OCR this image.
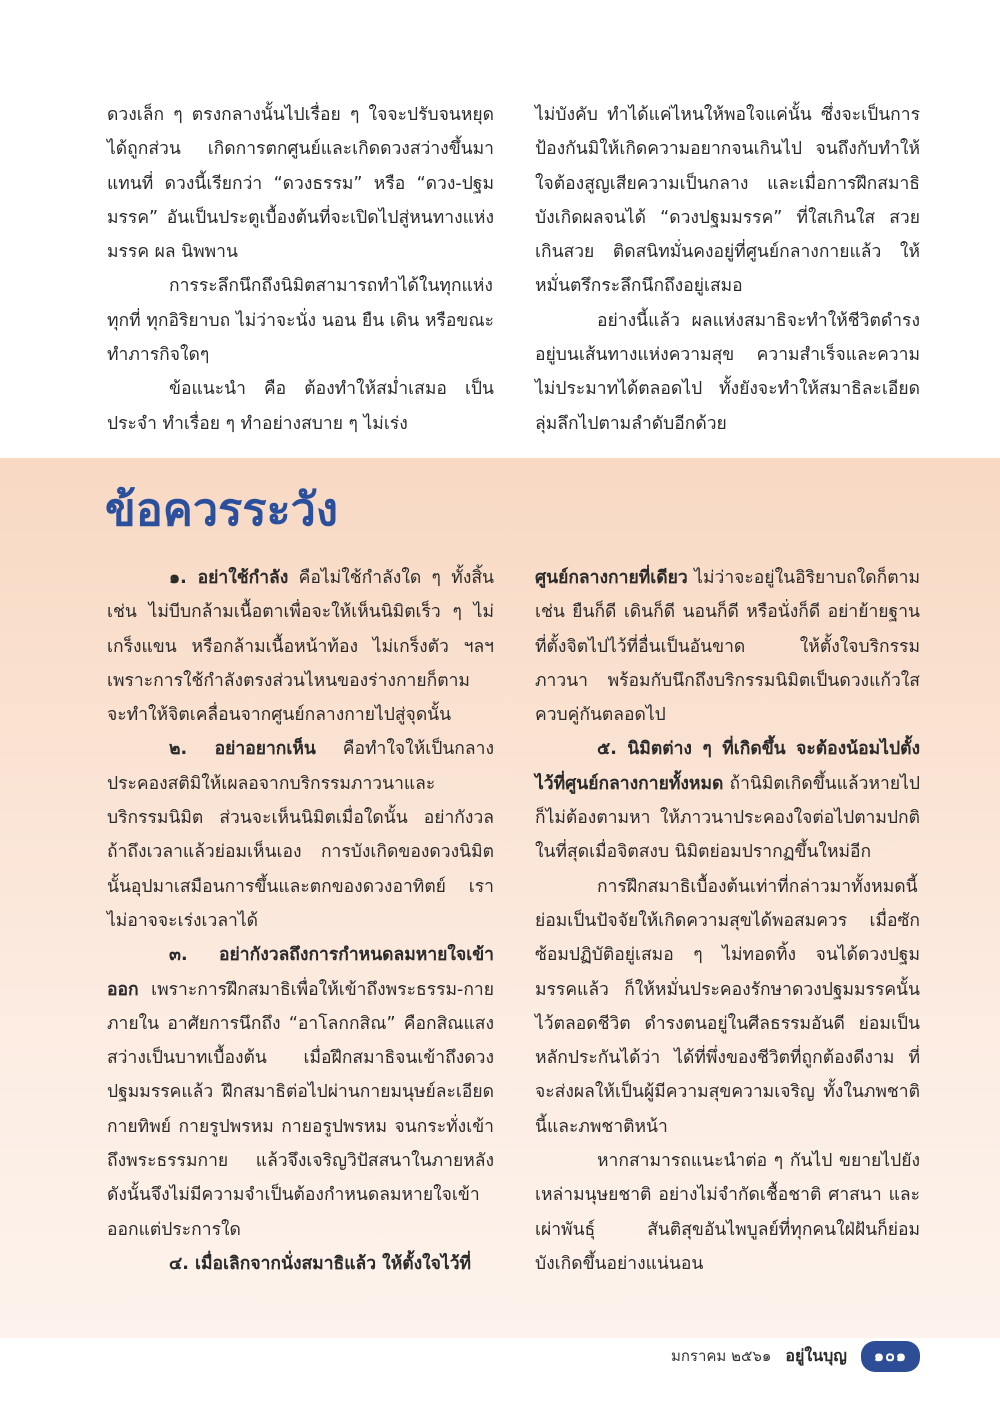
ดวงเล็ก ๆ ตรงกลางนั้นไปเรื่อย ๆ ใจจะปรับจนหยุดได้ถูกส่วน เกิดการตกศูนย์และเกิดดวงสว่างขึ้นมาแทนที่ ดวงนี้เรียกว่า “ดวงธรรม” หรือ “ดวง-ปฐมมรรค” อันเป็นประตูเบื้องต้นที่จะเปิดไปสู่หนทางแห่งมรรค ผล นิพพาน

การระลึกนึกถึงนิมิตสามารถทำได้ในทุกแห่ง ทุกที่ ทุกอิริยาบถ ไม่ว่าจะนั่ง นอน ยืน เดิน หรือขณะทำภารกิจใดๆ

ข้อแนะนำ คือ ต้องทำให้สม่ำเสมอ เป็นประจำ ทำเรื่อย ๆ ทำอย่างสบาย ๆ ไม่เร่ง

ไม่บังคับ ทำได้แค่ไหนให้พอใจแค่นั้น ซึ่งจะเป็นการป้องกันมิให้เกิดความอยากจนเกินไป จนถึงกับทำให้ใจต้องสูญเสียความเป็นกลาง และเมื่อการฝึกสมาธิบังเกิดผลจนได้ “ดวงปฐมมรรค” ที่ใสเกินใส สวยเกินสวย ติดสนิทมั่นคงอยู่ที่ศูนย์กลางกายแล้ว ให้หมั่นตรึกระลึกนึกถึงอยู่เสมอ

อย่างนี้แล้ว ผลแห่งสมาธิจะทำให้ชีวิตดำรงอยู่บนเส้นทางแห่งความสุข ความสำเร็จและความไม่ประมาทได้ตลอดไป ทั้งยังจะทำให้สมาธิละเอียดลุ่มลึกไปตามลำดับอีกด้วย

ข้อควรระวัง

๑. อย่าใช้กำลัง คือไม่ใช้กำลังใด ๆ ทั้งสิ้น เช่น ไม่บีบกล้ามเนื้อตาเพื่อจะให้เห็นนิมิตเร็ว ๆ ไม่เกร็งแขน หรือกล้ามเนื้อหน้าท้อง ไม่เกร็งตัว ฯลฯ เพราะการใช้กำลังตรงส่วนไหนของร่างกายก็ตาม จะทำให้จิตเคลื่อนจากศูนย์กลางกายไปสู่จุดนั้น

๒. อย่าอยากเห็น คือทำใจให้เป็นกลาง ประคองสติมิให้เผลอจากบริกรรมภาวนาและบริกรรมนิมิต ส่วนจะเห็นนิมิตเมื่อใดนั้น อย่ากังวล ถ้าถึงเวลาแล้วย่อมเห็นเอง การบังเกิดของดวงนิมิตนั้นอุปมาเสมือนการขึ้นและตกของดวงอาทิตย์ เราไม่อาจจะเร่งเวลาได้

๓. อย่ากังวลถึงการกำหนดลมหายใจเข้าออก เพราะการฝึกสมาธิเพื่อให้เข้าถึงพระธรรม-กายภายใน อาศัยการนึกถึง “อาโลกกสิณ” คือกสิณแสงสว่างเป็นบาทเบื้องต้น เมื่อฝึกสมาธิจนเข้าถึงดวงปฐมมรรคแล้ว ฝึกสมาธิต่อไปผ่านกายมนุษย์ละเอียด กายทิพย์ กายรูปพรหม กายอรูปพรหม จนกระทั่งเข้าถึงพระธรรมกาย แล้วจึงเจริญวิปัสสนาในภายหลัง ดังนั้นจึงไม่มีความจำเป็นต้องกำหนดลมหายใจเข้าออกแต่ประการใด

๔. เมื่อเลิกจากนั่งสมาธิแล้ว ให้ตั้งใจไว้ที่

ศูนย์กลางกายที่เดียว ไม่ว่าจะอยู่ในอิริยาบถใดก็ตาม เช่น ยืนก็ดี เดินก็ดี นอนก็ดี หรือนั่งก็ดี อย่าย้ายฐานที่ตั้งจิตไปไว้ที่อื่นเป็นอันขาด ให้ตั้งใจบริกรรมภาวนา พร้อมกับนึกถึงบริกรรมนิมิตเป็นดวงแก้วใสควบคู่กันตลอดไป

๕. นิมิตต่าง ๆ ที่เกิดขึ้น จะต้องน้อมไปตั้งไว้ที่ศูนย์กลางกายทั้งหมด ถ้านิมิตเกิดขึ้นแล้วหายไปก็ไม่ต้องตามหา ให้ภาวนาประคองใจต่อไปตามปกติ ในที่สุดเมื่อจิตสงบ นิมิตย่อมปรากฏขึ้นใหม่อีก

การฝึกสมาธิเบื้องต้นเท่าที่กล่าวมาทั้งหมดนี้ ย่อมเป็นปัจจัยให้เกิดความสุขได้พอสมควร เมื่อซักซ้อมปฏิบัติอยู่เสมอ ๆ ไม่ทอดทิ้ง จนได้ดวงปฐมมรรคแล้ว ก็ให้หมั่นประคองรักษาดวงปฐมมรรคนั้นไว้ตลอดชีวิต ดำรงตนอยู่ในศีลธรรมอันดี ย่อมเป็นหลักประกันได้ว่า ได้ที่พึ่งของชีวิตที่ถูกต้องดีงาม ที่จะส่งผลให้เป็นผู้มีความสุขความเจริญ ทั้งในภพชาตินี้และภพชาติหน้า

หากสามารถแนะนำต่อ ๆ กันไป ขยายไปยังเหล่ามนุษยชาติ อย่างไม่จำกัดเชื้อชาติ ศาสนา และเผ่าพันธุ์ สันติสุขอันไพบูลย์ที่ทุกคนใฝ่ฝันก็ย่อมบังเกิดขึ้นอย่างแน่นอน

มกราคม ๒๕๖๑ อยู่ในบุญ	๑๐๑
